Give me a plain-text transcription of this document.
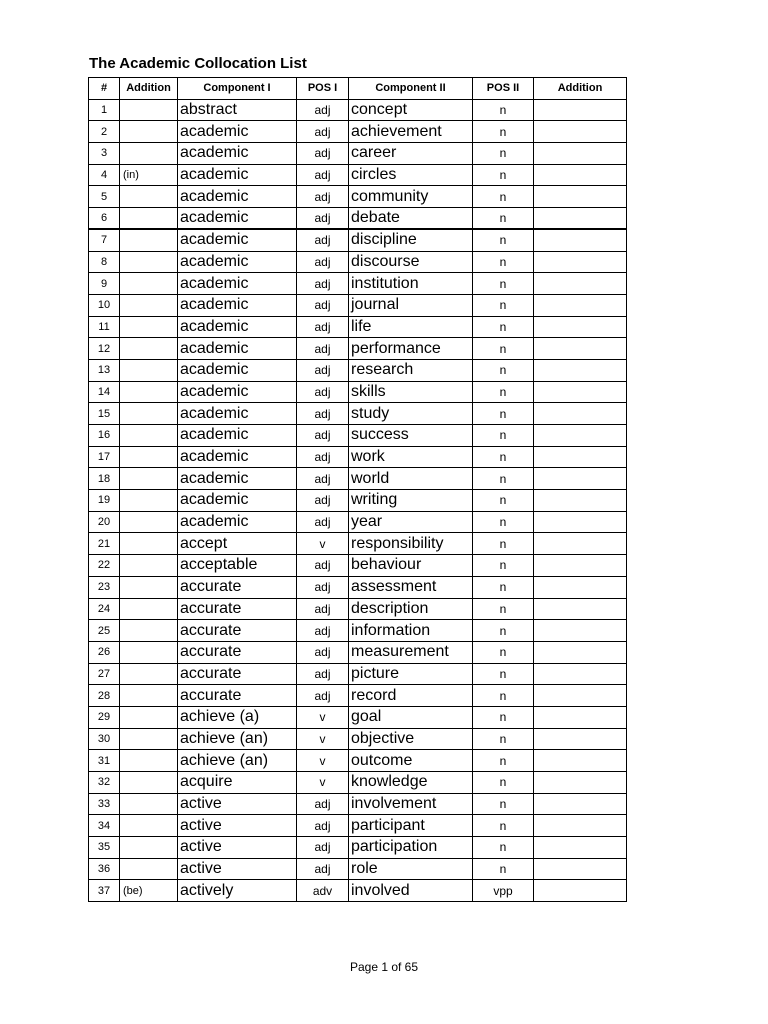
The Academic Collocation List
#	Addition	Component I	POS I	Component II	POS II	Addition
1		abstract	adj	concept	n	
2		academic	adj	achievement	n	
3		academic	adj	career	n	
4	(in)	academic	adj	circles	n	
5		academic	adj	community	n	
6		academic	adj	debate	n	
7		academic	adj	discipline	n	
8		academic	adj	discourse	n	
9		academic	adj	institution	n	
10		academic	adj	journal	n	
11		academic	adj	life	n	
12		academic	adj	performance	n	
13		academic	adj	research	n	
14		academic	adj	skills	n	
15		academic	adj	study	n	
16		academic	adj	success	n	
17		academic	adj	work	n	
18		academic	adj	world	n	
19		academic	adj	writing	n	
20		academic	adj	year	n	
21		accept	v	responsibility	n	
22		acceptable	adj	behaviour	n	
23		accurate	adj	assessment	n	
24		accurate	adj	description	n	
25		accurate	adj	information	n	
26		accurate	adj	measurement	n	
27		accurate	adj	picture	n	
28		accurate	adj	record	n	
29		achieve (a)	v	goal	n	
30		achieve (an)	v	objective	n	
31		achieve (an)	v	outcome	n	
32		acquire	v	knowledge	n	
33		active	adj	involvement	n	
34		active	adj	participant	n	
35		active	adj	participation	n	
36		active	adj	role	n	
37	(be)	actively	adv	involved	vpp	
Page 1 of 65
